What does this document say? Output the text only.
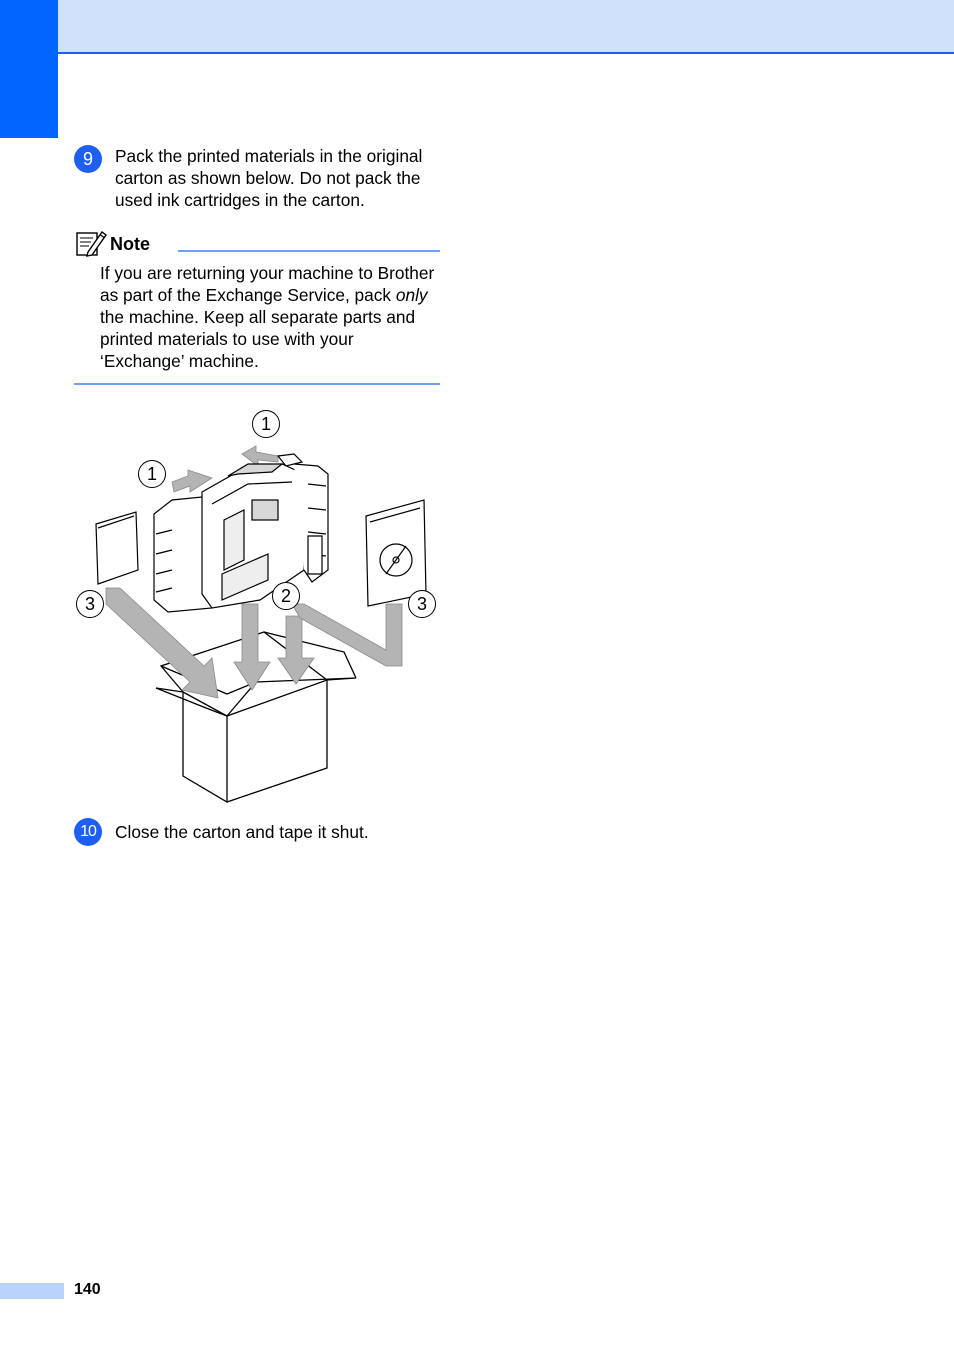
9	Pack the printed materials in the original carton as shown below. Do not pack the used ink cartridges in the carton.
Note
If you are returning your machine to Brother as part of the Exchange Service, pack only the machine. Keep all separate parts and printed materials to use with your ‘Exchange’ machine.
1
1
2
3	3
10	Close the carton and tape it shut.
140
